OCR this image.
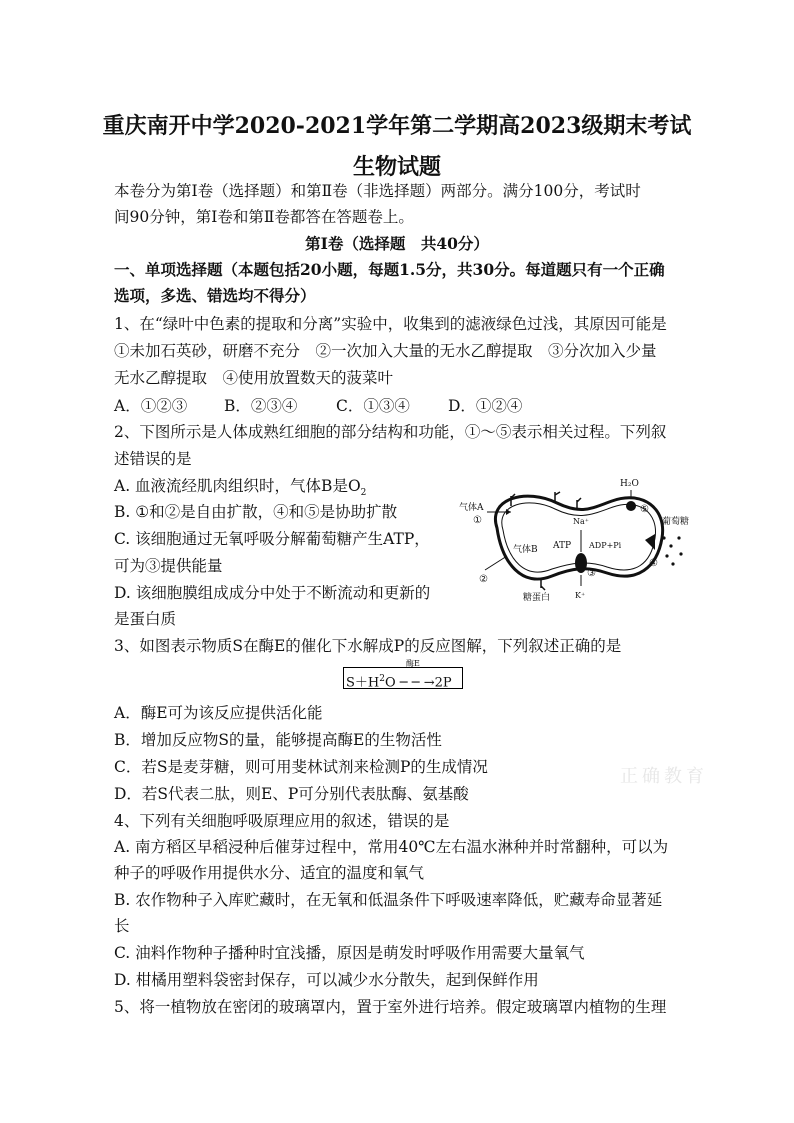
重庆南开中学2020-2021学年第二学期高2023级期末考试
生物试题
本卷分为第Ⅰ卷（选择题）和第Ⅱ卷（非选择题）两部分。满分100分，考试时
间90分钟，第Ⅰ卷和第Ⅱ卷都答在答题卷上。
第Ⅰ卷（选择题　共40分）
一、单项选择题（本题包括20小题，每题1.5分，共30分。每道题只有一个正确
选项，多选、错选均不得分）
1、在“绿叶中色素的提取和分离”实验中，收集到的滤液绿色过浅，其原因可能是
①未加石英砂，研磨不充分　②一次加入大量的无水乙醇提取　③分次加入少量
无水乙醇提取　④使用放置数天的菠菜叶
A．①②③ B．②③④ C．①③④ D．①②④
2、下图所示是人体成熟红细胞的部分结构和功能，①～⑤表示相关过程。下列叙
述错误的是
A. 血液流经肌肉组织时，气体B是$O_2$
B. ①和②是自由扩散，④和⑤是协助扩散
C. 该细胞通过无氧呼吸分解葡萄糖产生ATP，
可为③提供能量
D. 该细胞膜组成成分中处于不断流动和更新的
是蛋白质
气体A
①
H₂O
⑤
葡萄糖
④
Na⁺
ATP ADP+Pi
③
K⁺
气体B
②
糖蛋白
3、如图表示物质S在酶E的催化下水解成P的反应图解，下列叙述正确的是
$S+H^2O$ ─ ─ →2P
酶E
A．酶E可为该反应提供活化能
B．增加反应物S的量，能够提高酶E的生物活性
C．若S是麦芽糖，则可用斐林试剂来检测P的生成情况
D．若S代表二肽，则E、P可分别代表肽酶、氨基酸
正确教育
4、下列有关细胞呼吸原理应用的叙述，错误的是
A. 南方稻区早稻浸种后催芽过程中，常用40℃左右温水淋种并时常翻种，可以为
种子的呼吸作用提供水分、适宜的温度和氧气
B. 农作物种子入库贮藏时，在无氧和低温条件下呼吸速率降低，贮藏寿命显著延
长
C. 油料作物种子播种时宜浅播，原因是萌发时呼吸作用需要大量氧气
D. 柑橘用塑料袋密封保存，可以减少水分散失，起到保鲜作用
5、将一植物放在密闭的玻璃罩内，置于室外进行培养。假定玻璃罩内植物的生理
